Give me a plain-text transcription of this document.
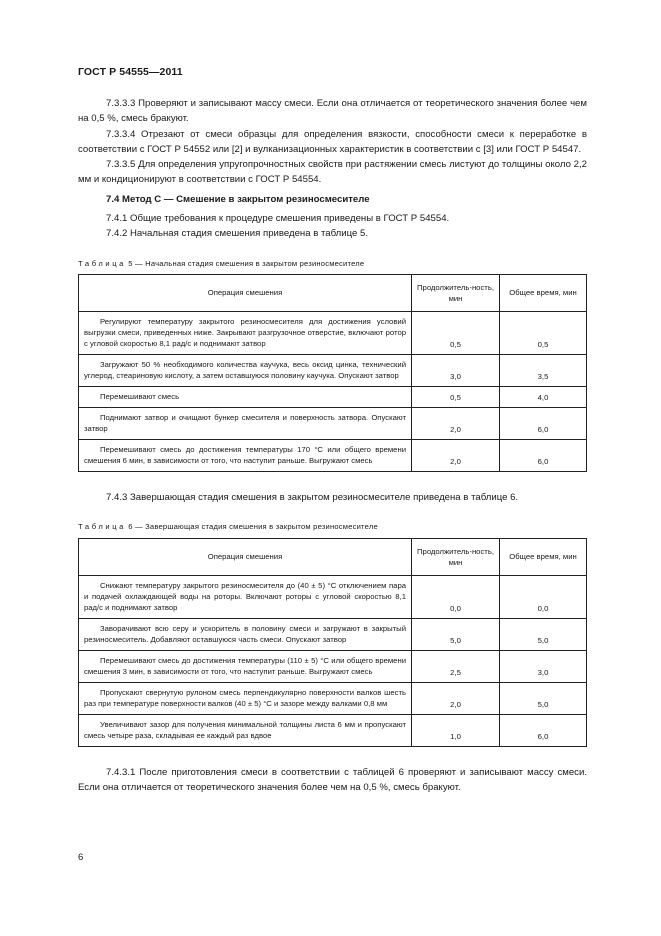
ГОСТ Р 54555—2011

7.3.3.3 Проверяют и записывают массу смеси. Если она отличается от теоретического значения более чем на 0,5 %, смесь бракуют.

7.3.3.4 Отрезают от смеси образцы для определения вязкости, способности смеси к переработке в соответствии с ГОСТ Р 54552 или [2] и вулканизационных характеристик в соответствии с [3] или ГОСТ Р 54547.

7.3.3.5 Для определения упругопрочностных свойств при растяжении смесь листуют до толщины около 2,2 мм и кондиционируют в соответствии с ГОСТ Р 54554.

7.4 Метод С — Смешение в закрытом резиносмесителе

7.4.1 Общие требования к процедуре смешения приведены в ГОСТ Р 54554.

7.4.2 Начальная стадия смешения приведена в таблице 5.

Таблица 5 — Начальная стадия смешения в закрытом резиносмесителе
Операция смешения	Продолжитель-ность, мин	Общее время, мин

Регулируют температуру закрытого резиносмесителя для достижения условий выгрузки смеси, приведенных ниже. Закрывают разгрузочное отверстие, включают ротор с угловой скоростью 8,1 рад/с и поднимают затвор	0,5	0,5

Загружают 50 % необходимого количества каучука, весь оксид цинка, технический углерод, стеариновую кислоту, а затем оставшуюся половину каучука. Опускают затвор	3,0	3,5

Перемешивают смесь	0,5	4,0

Поднимают затвор и очищают бункер смесителя и поверхность затвора. Опускают затвор	2,0	6,0

Перемешивают смесь до достижения температуры 170 °С или общего времени смешения 6 мин, в зависимости от того, что наступит раньше. Выгружают смесь	2,0	6,0

7.4.3 Завершающая стадия смешения в закрытом резиносмесителе приведена в таблице 6.

Таблица 6 — Завершающая стадия смешения в закрытом резиносмесителе
Операция смешения	Продолжитель-ность, мин	Общее время, мин

Снижают температуру закрытого резиносмесителя до (40 ± 5) °С отключением пара и подачей охлаждающей воды на роторы. Включают роторы с угловой скоростью 8,1 рад/с и поднимают затвор	0,0	0,0

Заворачивают всю серу и ускоритель в половину смеси и загружают в закрытый резиносмеситель. Добавляют оставшуюся часть смеси. Опускают затвор	5,0	5,0

Перемешивают смесь до достижения температуры (110 ± 5) °С или общего времени смешения 3 мин, в зависимости от того, что наступит раньше. Выгружают смесь	2,5	3,0

Пропускают свернутую рулоном смесь перпендикулярно поверхности валков шесть раз при температуре поверхности валков (40 ± 5) °С и зазоре между валками 0,8 мм	2,0	5,0

Увеличивают зазор для получения минимальной толщины листа 6 мм и пропускают смесь четыре раза, складывая ее каждый раз вдвое	1,0	6,0

7.4.3.1 После приготовления смеси в соответствии с таблицей 6 проверяют и записывают массу смеси. Если она отличается от теоретического значения более чем на 0,5 %, смесь бракуют.

6
